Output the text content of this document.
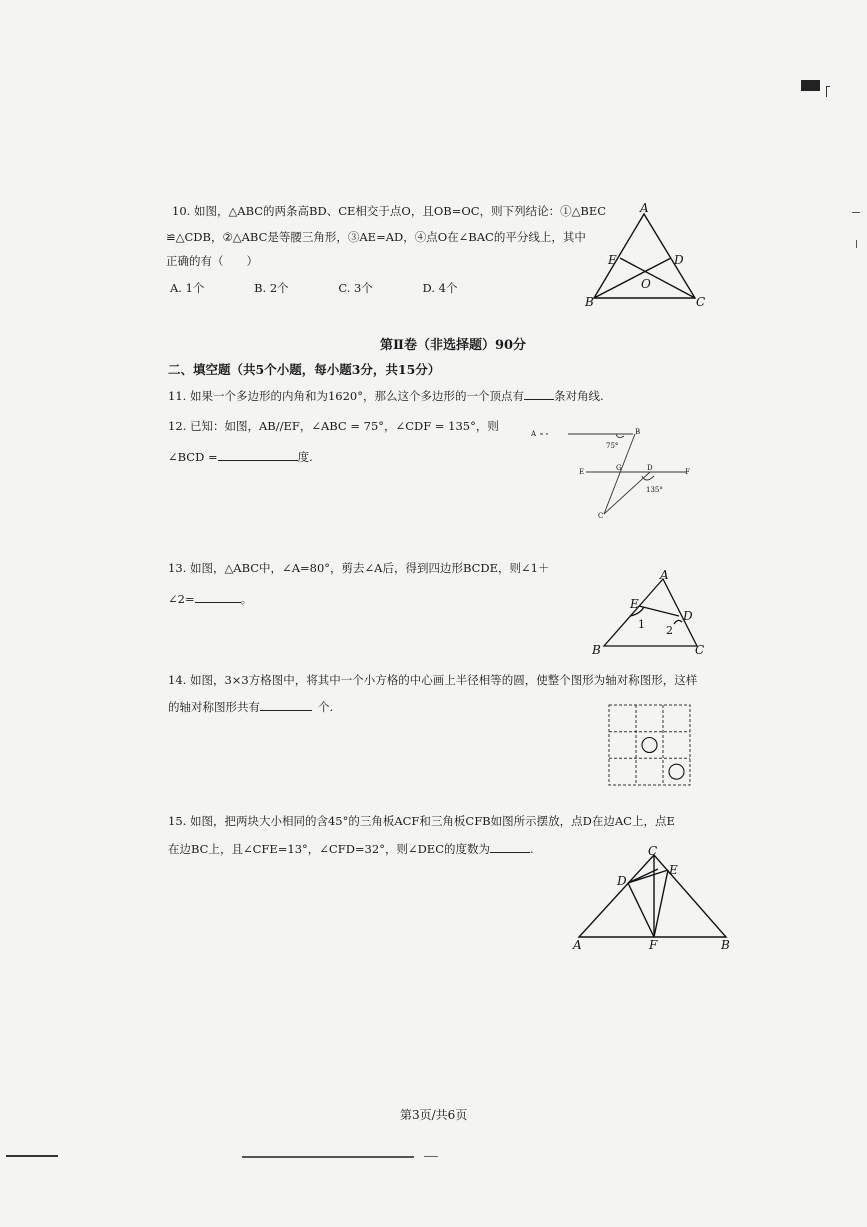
10. 如图，△ABC的两条高BD、CE相交于点O，且OB=OC，则下列结论：①△BEC
≌△CDB，②△ABC是等腰三角形，③AE=AD，④点O在∠BAC的平分线上，其中
正确的有（　　）
A. 1个	B. 2个	C. 3个	D. 4个
A
B	C
D
E
O
第Ⅱ卷（非选择题）90分
二、填空题（共5个小题，每小题3分，共15分）
11. 如果一个多边形的内角和为1620°，那么这个多边形的一个顶点有	条对角线.
12. 已知：如图，AB//EF，∠ABC = 75°，∠CDF = 135°，则
∠BCD =	度.
A	B
E	G	D	F
C
75°
135°
13. 如图，△ABC中，∠A=80°，剪去∠A后，得到四边形BCDE，则∠1＋
∠2=	。
A
B	C
D
E
1 2
14. 如图，3×3方格图中，将其中一个小方格的中心画上半径相等的圆，使整个图形为轴对称图形，这样
的轴对称图形共有	个.
15. 如图，把两块大小相同的含45°的三角板ACF和三角板CFB如图所示摆放，点D在边AC上，点E
在边BC上，且∠CFE=13°，∠CFD=32°，则∠DEC的度数为	.	C
D
E
A	F	B
第3页/共6页
